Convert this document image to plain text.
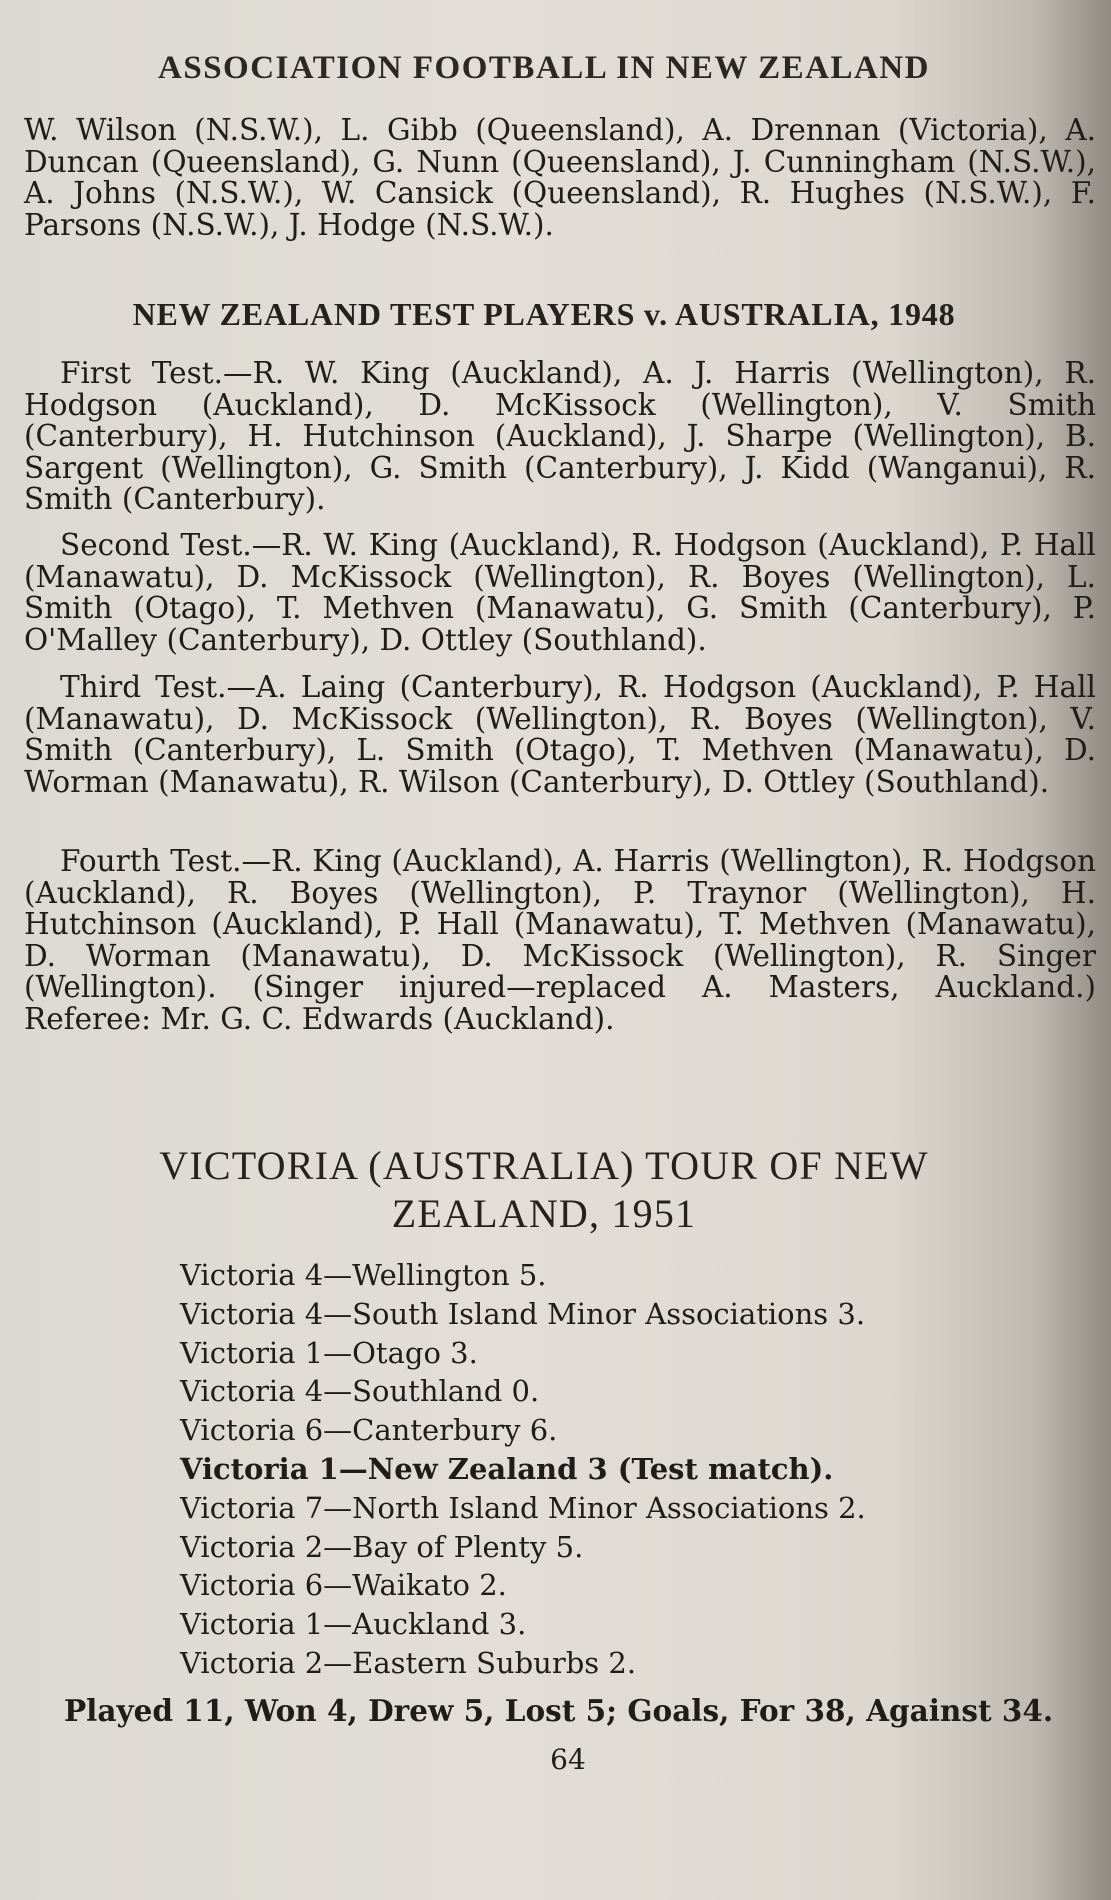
ASSOCIATION FOOTBALL IN NEW ZEALAND

W. Wilson (N.S.W.), L. Gibb (Queensland), A. Drennan (Victoria), A. Duncan (Queensland), G. Nunn (Queensland), J. Cunningham (N.S.W.), A. Johns (N.S.W.), W. Cansick (Queensland), R. Hughes (N.S.W.), F. Parsons (N.S.W.), J. Hodge (N.S.W.).

NEW ZEALAND TEST PLAYERS v. AUSTRALIA, 1948

First Test.—R. W. King (Auckland), A. J. Harris (Wellington), R. Hodgson (Auckland), D. McKissock (Wellington), V. Smith (Canterbury), H. Hutchinson (Auckland), J. Sharpe (Wellington), B. Sargent (Wellington), G. Smith (Canterbury), J. Kidd (Wanganui), R. Smith (Canterbury).

Second Test.—R. W. King (Auckland), R. Hodgson (Auckland), P. Hall (Manawatu), D. McKissock (Wellington), R. Boyes (Wellington), L. Smith (Otago), T. Methven (Manawatu), G. Smith (Canterbury), P. O'Malley (Canterbury), D. Ottley (Southland).

Third Test.—A. Laing (Canterbury), R. Hodgson (Auckland), P. Hall (Manawatu), D. McKissock (Wellington), R. Boyes (Wellington), V. Smith (Canterbury), L. Smith (Otago), T. Methven (Manawatu), D. Worman (Manawatu), R. Wilson (Canterbury), D. Ottley (Southland).

Fourth Test.—R. King (Auckland), A. Harris (Wellington), R. Hodgson (Auckland), R. Boyes (Wellington), P. Traynor (Wellington), H. Hutchinson (Auckland), P. Hall (Manawatu), T. Methven (Manawatu), D. Worman (Manawatu), D. McKissock (Wellington), R. Singer (Wellington). (Singer injured—replaced A. Masters, Auckland.) Referee: Mr. G. C. Edwards (Auckland).

VICTORIA (AUSTRALIA) TOUR OF NEW
ZEALAND, 1951
Victoria 4—Wellington 5.
Victoria 4—South Island Minor Associations 3.
Victoria 1—Otago 3.
Victoria 4—Southland 0.
Victoria 6—Canterbury 6.
Victoria 1—New Zealand 3 (Test match).
Victoria 7—North Island Minor Associations 2.
Victoria 2—Bay of Plenty 5.
Victoria 6—Waikato 2.
Victoria 1—Auckland 3.
Victoria 2—Eastern Suburbs 2.
Played 11, Won 4, Drew 5, Lost 5; Goals, For 38, Against 34.
64
